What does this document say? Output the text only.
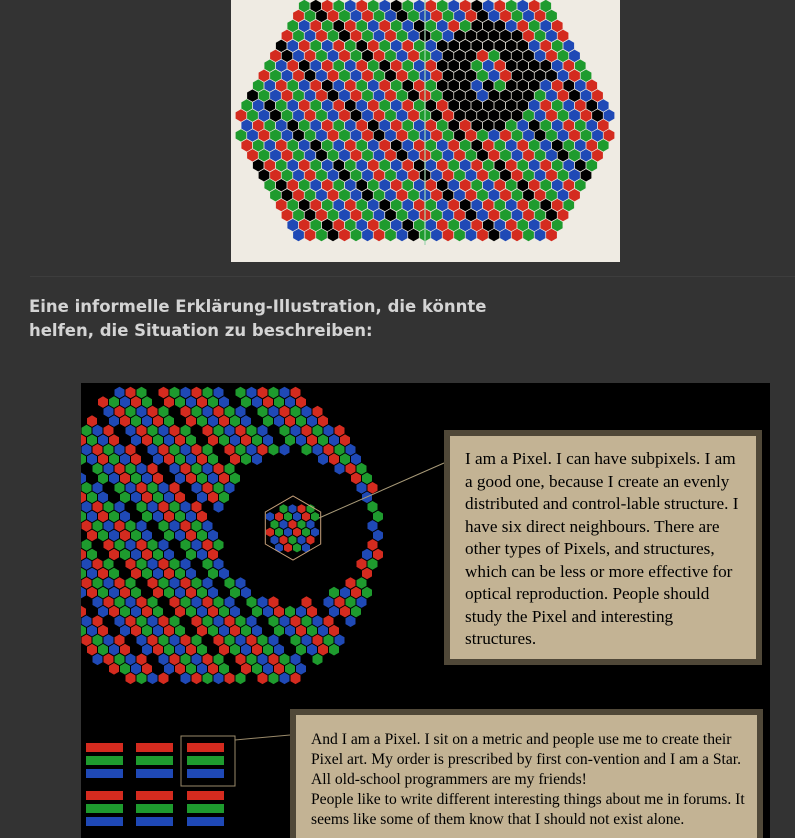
Eine informelle Erklärung-Illustration, die könnte helfen, die Situation zu beschreiben:

I am a Pixel. I can have subpixels. I am a good one, because I create an evenly distributed and control-lable structure. I have six direct neighbours. There are other types of Pixels, and structures, which can be less or more effective for optical reproduction. People should study the Pixel and interesting structures.

And I am a Pixel. I sit on a metric and people use me to create their Pixel art. My order is prescribed by first con-vention and I am a Star. All old-school programmers are my friends!

People like to write different interesting things about me in forums. It seems like some of them know that I should not exist alone.
